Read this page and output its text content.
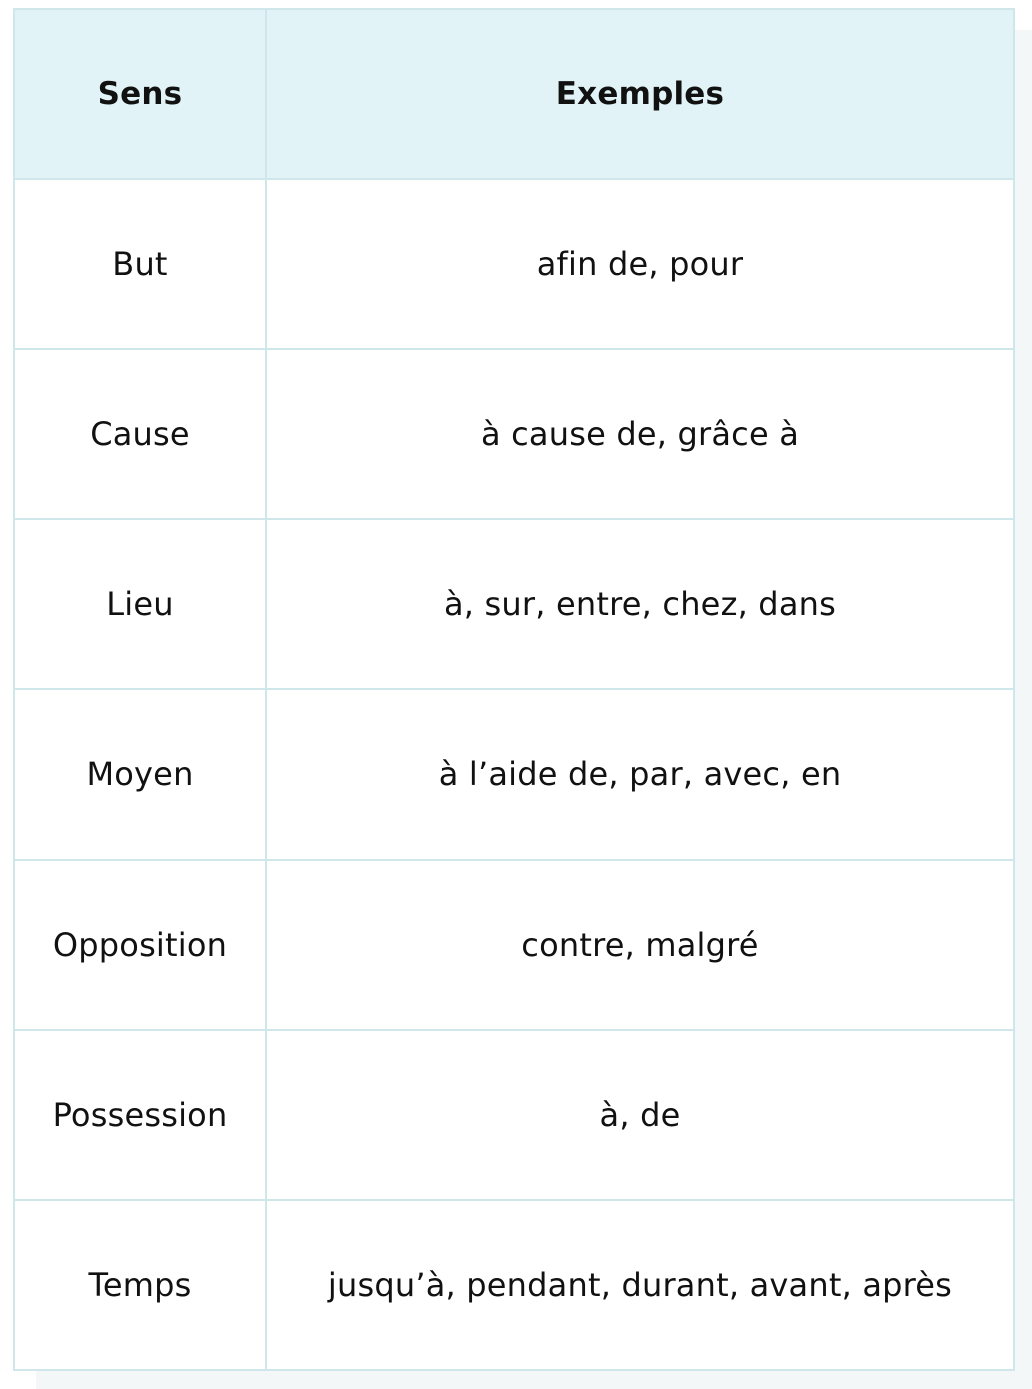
Sens	Exemples
But	afin de, pour
Cause	à cause de, grâce à
Lieu	à, sur, entre, chez, dans
Moyen	à l’aide de, par, avec, en
Opposition	contre, malgré
Possession	à, de
Temps	jusqu’à, pendant, durant, avant, après
